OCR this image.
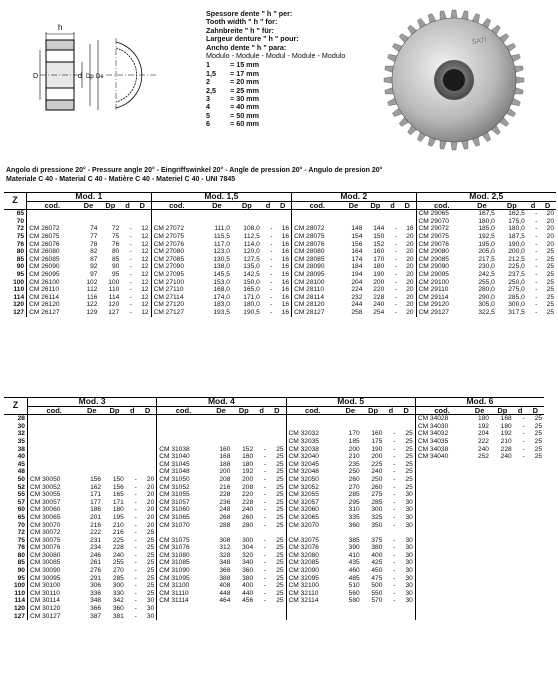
h
D	d Dp De
Spessore dente " h " per:
Tooth width " h " for:
Zahnbreite " h " für:
Largeur denture " h " pour:
Ancho dente " h " para:
Modulo - Module - Modul - Module - Modulo
1	= 15 mm
1,5 = 17 mm
2	= 20 mm
2,5 = 25 mm
3	= 30 mm
4	= 40 mm
5	= 50 mm
6	= 60 mm
SATI
Angolo di pressione 20° - Pressure angle 20° - Eingriffswinkel 20° - Angle de pression 20° - Angulo de presion 20°
Materiale C 40 - Material C 40 - Matière C 40 - Materiel C 40 - UNI 7845
Z	Mod. 1					Mod. 1,5					Mod. 2					Mod. 2,5				
	cod.	De	Dp	d	D	cod.	De	Dp	d	D	cod.	De	Dp	d	D	cod.	De	Dp	d	D
65																CM 29065	167,5	162,5	-	20
70																CM 29070	180,0	175,0	-	20
72	CM 26072	74	72	-	12	CM 27072	111,0	108,0	-	16	CM 28072	148	144	-	16	CM 29072	185,0	180,0	-	20
75	CM 26075	77	75	-	12	CM 27075	115,5	112,5	-	16	CM 28075	154	150	-	20	CM 29075	192,5	187,5	-	20
76	CM 26076	78	76	-	12	CM 27076	117,0	114,0	-	16	CM 28076	156	152	-	20	CM 29076	195,0	190,0	-	20
80	CM 26080	82	80	-	12	CM 27080	123,0	120,0	-	16	CM 28080	164	160	-	20	CM 29080	205,0	200,0	-	25
85	CM 26085	87	85	-	12	CM 27085	130,5	127,5	-	16	CM 28085	174	170	-	20	CM 29085	217,5	212,5	-	25
90	CM 26090	92	90	-	12	CM 27090	138,0	135,0	-	16	CM 28090	184	180	-	20	CM 29090	230,0	225,0	-	25
95	CM 26095	97	95	-	12	CM 27095	145,5	142,5	-	16	CM 28095	194	190	-	20	CM 29095	242,5	237,5	-	25
100	CM 26100	102	100	-	12	CM 27100	153,0	150,0	-	16	CM 28100	204	200	-	20	CM 29100	255,0	250,0	-	25
110	CM 26110	112	110	-	12	CM 27110	168,0	165,0	-	16	CM 28110	224	220	-	20	CM 29110	280,0	275,0	-	25
114	CM 26114	116	114	-	12	CM 27114	174,0	171,0	-	16	CM 28114	232	228	-	20	CM 29114	290,0	285,0	-	25
120	CM 26120	122	120	-	12	CM 27120	183,0	180,0	-	16	CM 28120	244	240	-	20	CM 29120	305,0	300,0	-	25
127	CM 26127	129	127	-	12	CM 27127	193,5	190,5	-	16	CM 28127	258	254	-	20	CM 29127	322,5	317,5	-	25
Z	Mod. 3					Mod. 4					Mod. 5					Mod. 6				
	cod.	De	Dp	d	D	cod.	De	Dp	d	D	cod.	De	Dp	d	D	cod.	De	Dp	d	D
28																CM 34028	180	168	-	25
30																CM 34030	192	180	-	25
32											CM 32032	170	160	-	25	CM 34032	204	192	-	25
35											CM 32035	185	175	-	25	CM 34035	222	210	-	25
38						CM 31038	160	152	-	25	CM 32038	200	190	-	25	CM 34038	240	228	-	25
40						CM 31040	168	160	-	25	CM 32040	210	200	-	25	CM 34040	252	240	-	25
45						CM 31045	188	180	-	25	CM 32045	235	225	-	25					
48						CM 31048	200	192	-	25	CM 32048	250	240	-	25					
50	CM 30050	156	150	-	20	CM 31050	208	200	-	25	CM 32050	260	250	-	25					
52	CM 30052	162	156	-	20	CM 31052	216	208	-	25	CM 32052	270	260	-	25					
55	CM 30055	171	165	-	20	CM 31055	228	220	-	25	CM 32055	285	275	-	30					
57	CM 30057	177	171	-	20	CM 31057	236	228	-	25	CM 32057	295	285	-	30					
60	CM 30060	186	180	-	20	CM 31060	248	240	-	25	CM 32060	310	300	-	30					
65	CM 30065	201	195	-	20	CM 31065	268	260	-	25	CM 32065	335	325	-	30					
70	CM 30070	216	210	-	20	CM 31070	288	280	-	25	CM 32070	360	350	-	30					
72	CM 30072	222	216	-	25															
75	CM 30075	231	225	-	25	CM 31075	308	300	-	25	CM 32075	385	375	-	30					
76	CM 30076	234	228	-	25	CM 31076	312	304	-	25	CM 32076	390	380	-	30					
80	CM 30080	246	240	-	25	CM 31080	328	320	-	25	CM 32080	410	400	-	30					
85	CM 30085	261	255	-	25	CM 31085	348	340	-	25	CM 32085	435	425	-	30					
90	CM 30090	276	270	-	25	CM 31090	368	360	-	25	CM 32090	460	450	-	30					
95	CM 30095	291	285	-	25	CM 31095	388	380	-	25	CM 32095	485	475	-	30					
100	CM 30100	306	300	-	25	CM 31100	408	400	-	25	CM 32100	510	500	-	30					
110	CM 30110	336	330	-	25	CM 31110	448	440	-	25	CM 32110	560	550	-	30					
114	CM 30114	348	342	-	30	CM 31114	464	456	-	25	CM 32114	580	570	-	30					
120	CM 30120	366	360	-	30															
127	CM 30127	387	381	-	30															
